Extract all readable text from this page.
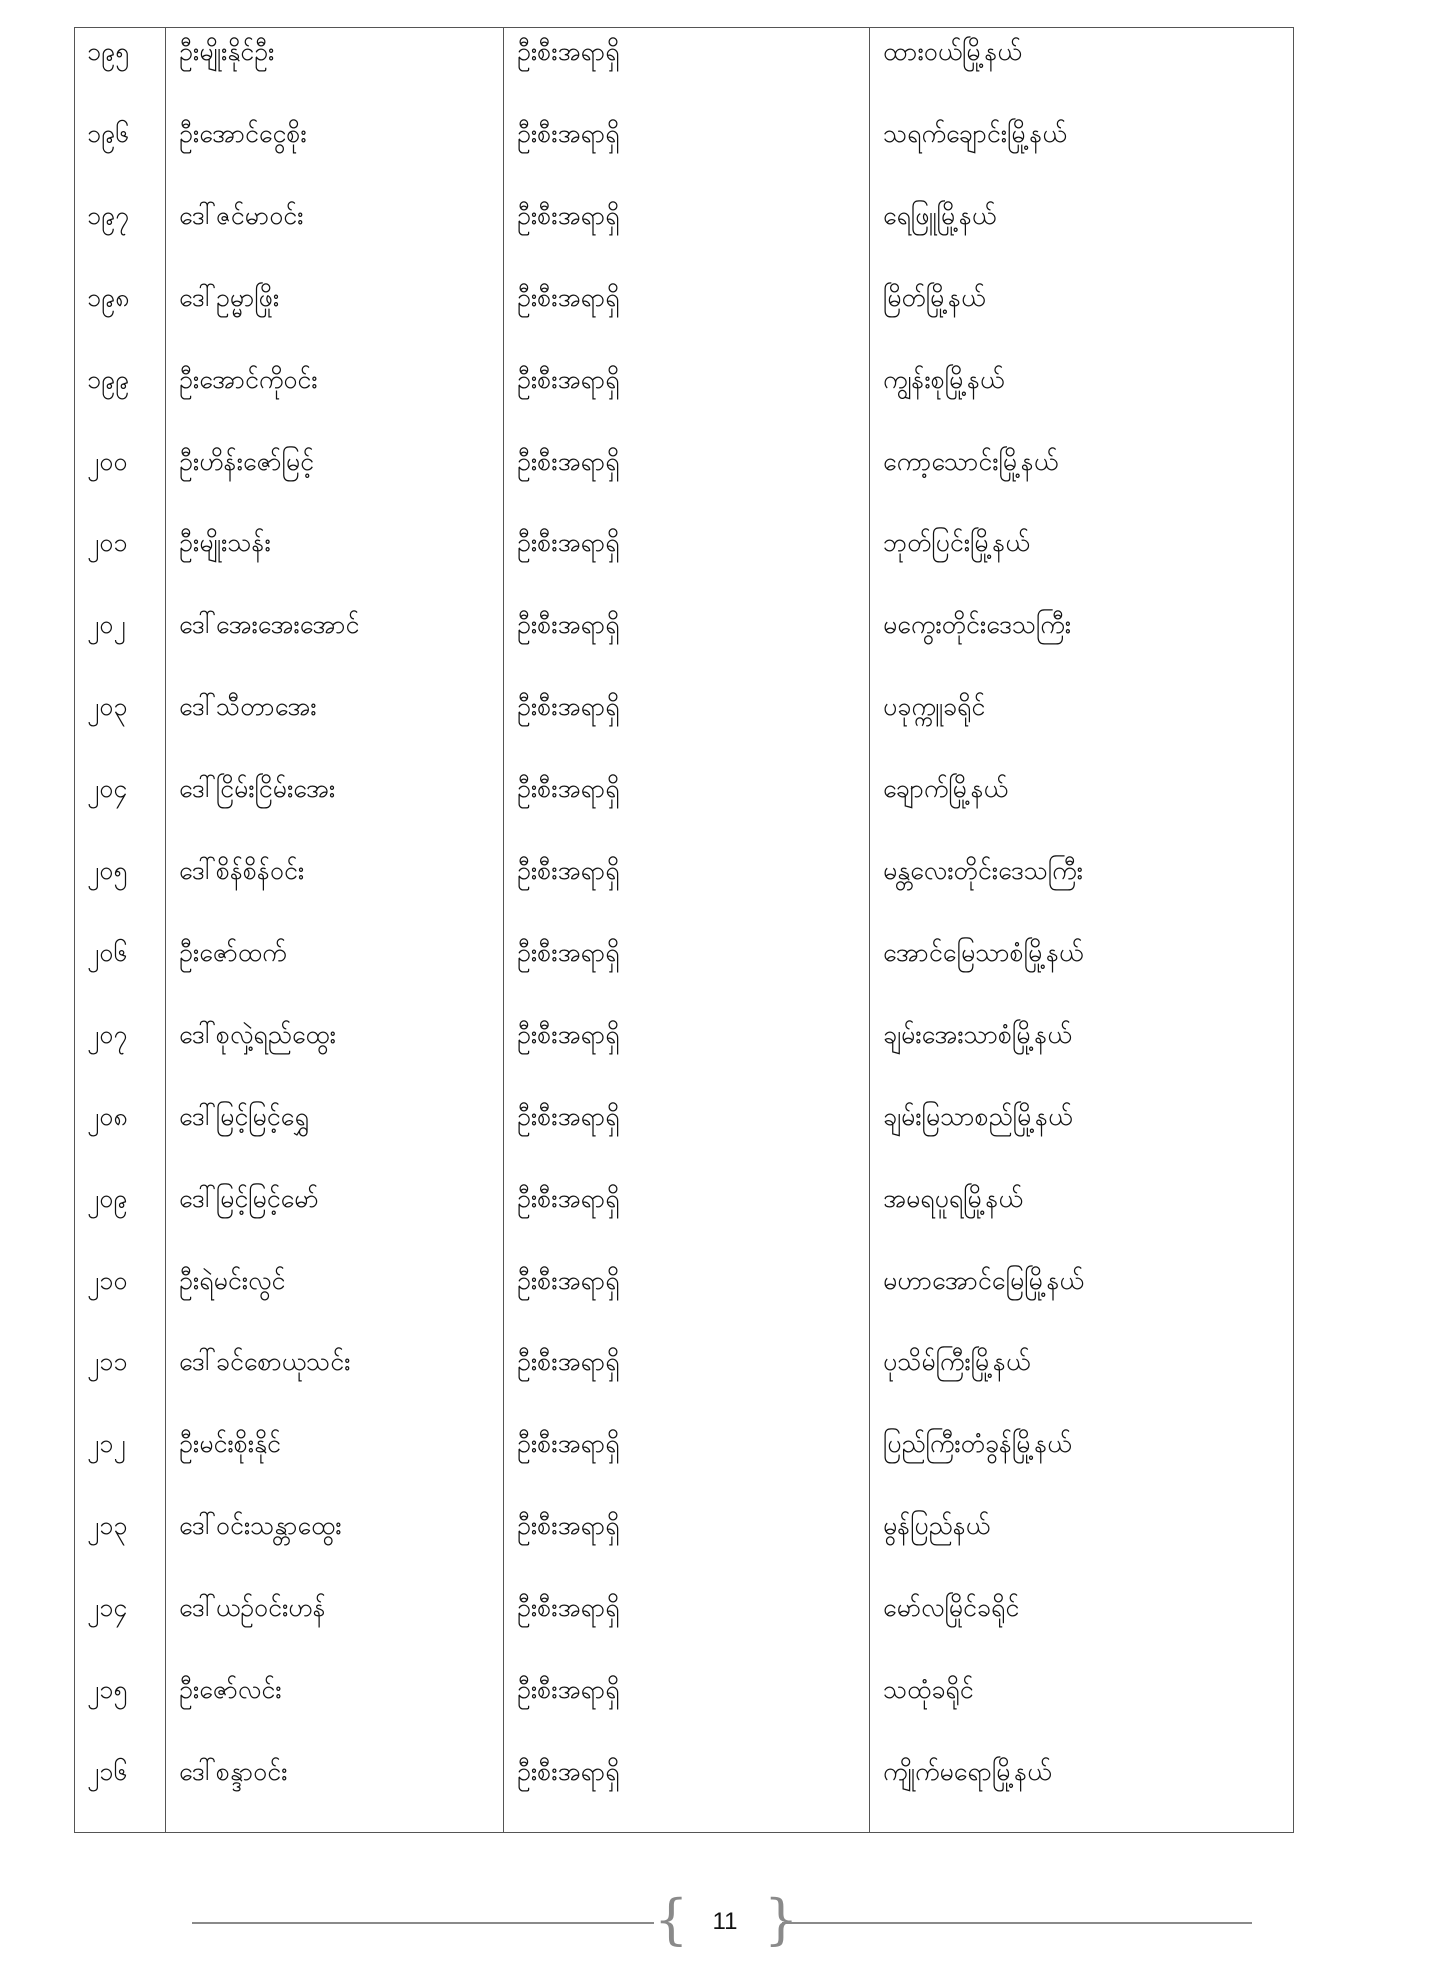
၁၉၅	ဦးမျိုးနိုင်ဦး	ဦးစီးအရာရှိ	ထားဝယ်မြို့နယ်
၁၉၆	ဦးအောင်ငွေစိုး	ဦးစီးအရာရှိ	သရက်ချောင်းမြို့နယ်
၁၉၇	ဒေါ်ဇင်မာဝင်း	ဦးစီးအရာရှိ	ရေဖြူမြို့နယ်
၁၉၈	ဒေါ်ဥမ္မာဖြိုး	ဦးစီးအရာရှိ	မြိတ်မြို့နယ်
၁၉၉	ဦးအောင်ကိုဝင်း	ဦးစီးအရာရှိ	ကျွန်းစုမြို့နယ်
၂၀၀	ဦးဟိန်းဇော်မြင့်	ဦးစီးအရာရှိ	ကော့သောင်းမြို့နယ်
၂၀၁	ဦးမျိုးသန်း	ဦးစီးအရာရှိ	ဘုတ်ပြင်းမြို့နယ်
၂၀၂	ဒေါ်အေးအေးအောင်	ဦးစီးအရာရှိ	မကွေးတိုင်းဒေသကြီး
၂၀၃	ဒေါ်သီတာအေး	ဦးစီးအရာရှိ	ပခုက္ကူခရိုင်
၂၀၄	ဒေါ်ငြိမ်းငြိမ်းအေး	ဦးစီးအရာရှိ	ချောက်မြို့နယ်
၂၀၅	ဒေါ်စိန်စိန်ဝင်း	ဦးစီးအရာရှိ	မန္တလေးတိုင်းဒေသကြီး
၂၀၆	ဦးဇော်ထက်	ဦးစီးအရာရှိ	အောင်မြေသာစံမြို့နယ်
၂၀၇	ဒေါ်စုလှဲ့ရည်ထွေး	ဦးစီးအရာရှိ	ချမ်းအေးသာစံမြို့နယ်
၂၀၈	ဒေါ်မြင့်မြင့်ရွှေ	ဦးစီးအရာရှိ	ချမ်းမြသာစည်မြို့နယ်
၂၀၉	ဒေါ်မြင့်မြင့်မော်	ဦးစီးအရာရှိ	အမရပူရမြို့နယ်
၂၁၀	ဦးရဲမင်းလွင်	ဦးစီးအရာရှိ	မဟာအောင်မြေမြို့နယ်
၂၁၁	ဒေါ်ခင်စောယုသင်း	ဦးစီးအရာရှိ	ပုသိမ်ကြီးမြို့နယ်
၂၁၂	ဦးမင်းစိုးနိုင်	ဦးစီးအရာရှိ	ပြည်ကြီးတံခွန်မြို့နယ်
၂၁၃	ဒေါ်ဝင်းသန္တာထွေး	ဦးစီးအရာရှိ	မွန်ပြည်နယ်
၂၁၄	ဒေါ်ယဉ်ဝင်းဟန်	ဦးစီးအရာရှိ	မော်လမြိုင်ခရိုင်
၂၁၅	ဦးဇော်လင်း	ဦးစီးအရာရှိ	သထုံခရိုင်
၂၁၆	ဒေါ်စန္ဒာဝင်း	ဦးစီးအရာရှိ	ကျိုက်မရောမြို့နယ်
{	11 }
